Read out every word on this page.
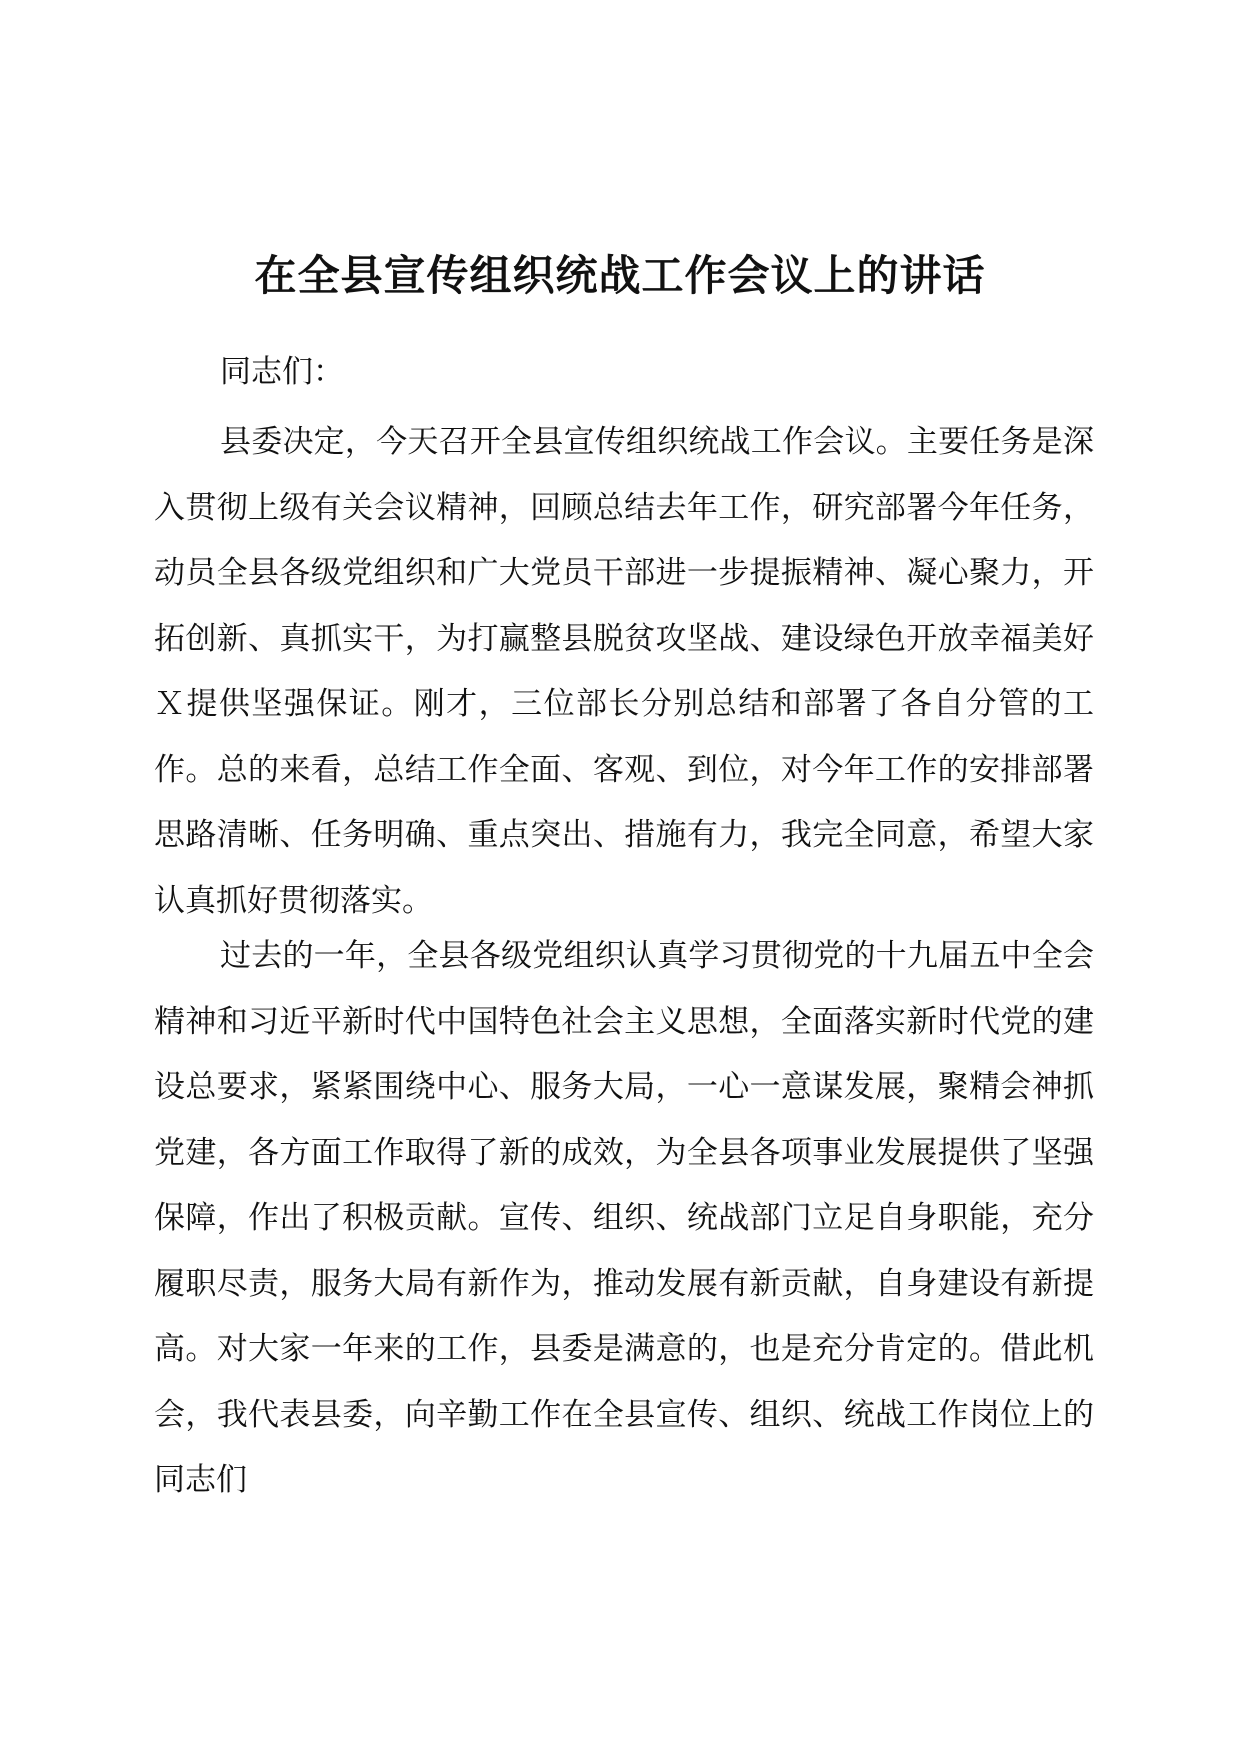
在全县宣传组织统战工作会议上的讲话
同志们：

县委决定，今天召开全县宣传组织统战工作会议。主要任务是深入贯彻上级有关会议精神，回顾总结去年工作，研究部署今年任务，动员全县各级党组织和广大党员干部进一步提振精神、凝心聚力，开拓创新、真抓实干，为打赢整县脱贫攻坚战、建设绿色开放幸福美好Ｘ提供坚强保证。刚才，三位部长分别总结和部署了各自分管的工作。总的来看，总结工作全面、客观、到位，对今年工作的安排部署思路清晰、任务明确、重点突出、措施有力，我完全同意，希望大家认真抓好贯彻落实。

过去的一年，全县各级党组织认真学习贯彻党的十九届五中全会精神和习近平新时代中国特色社会主义思想，全面落实新时代党的建设总要求，紧紧围绕中心、服务大局，一心一意谋发展，聚精会神抓党建，各方面工作取得了新的成效，为全县各项事业发展提供了坚强保障，作出了积极贡献。宣传、组织、统战部门立足自身职能，充分履职尽责，服务大局有新作为，推动发展有新贡献，自身建设有新提高。对大家一年来的工作，县委是满意的，也是充分肯定的。借此机会，我代表县委，向辛勤工作在全县宣传、组织、统战工作岗位上的同志们
